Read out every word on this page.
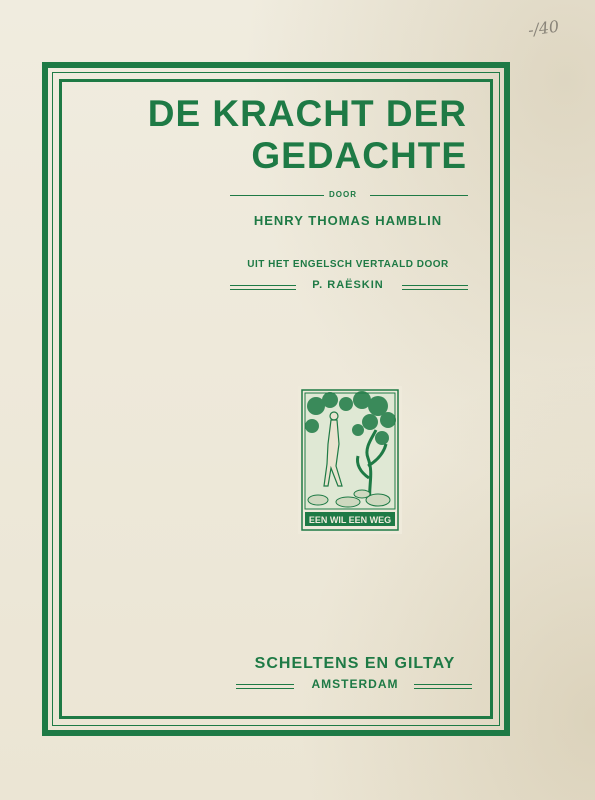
-/40
DE KRACHT DER
GEDACHTE
DOOR
HENRY THOMAS HAMBLIN
UIT HET ENGELSCH VERTAALD DOOR
P. RAËSKIN
EEN WIL EEN WEG
SCHELTENS EN GILTAY
AMSTERDAM
